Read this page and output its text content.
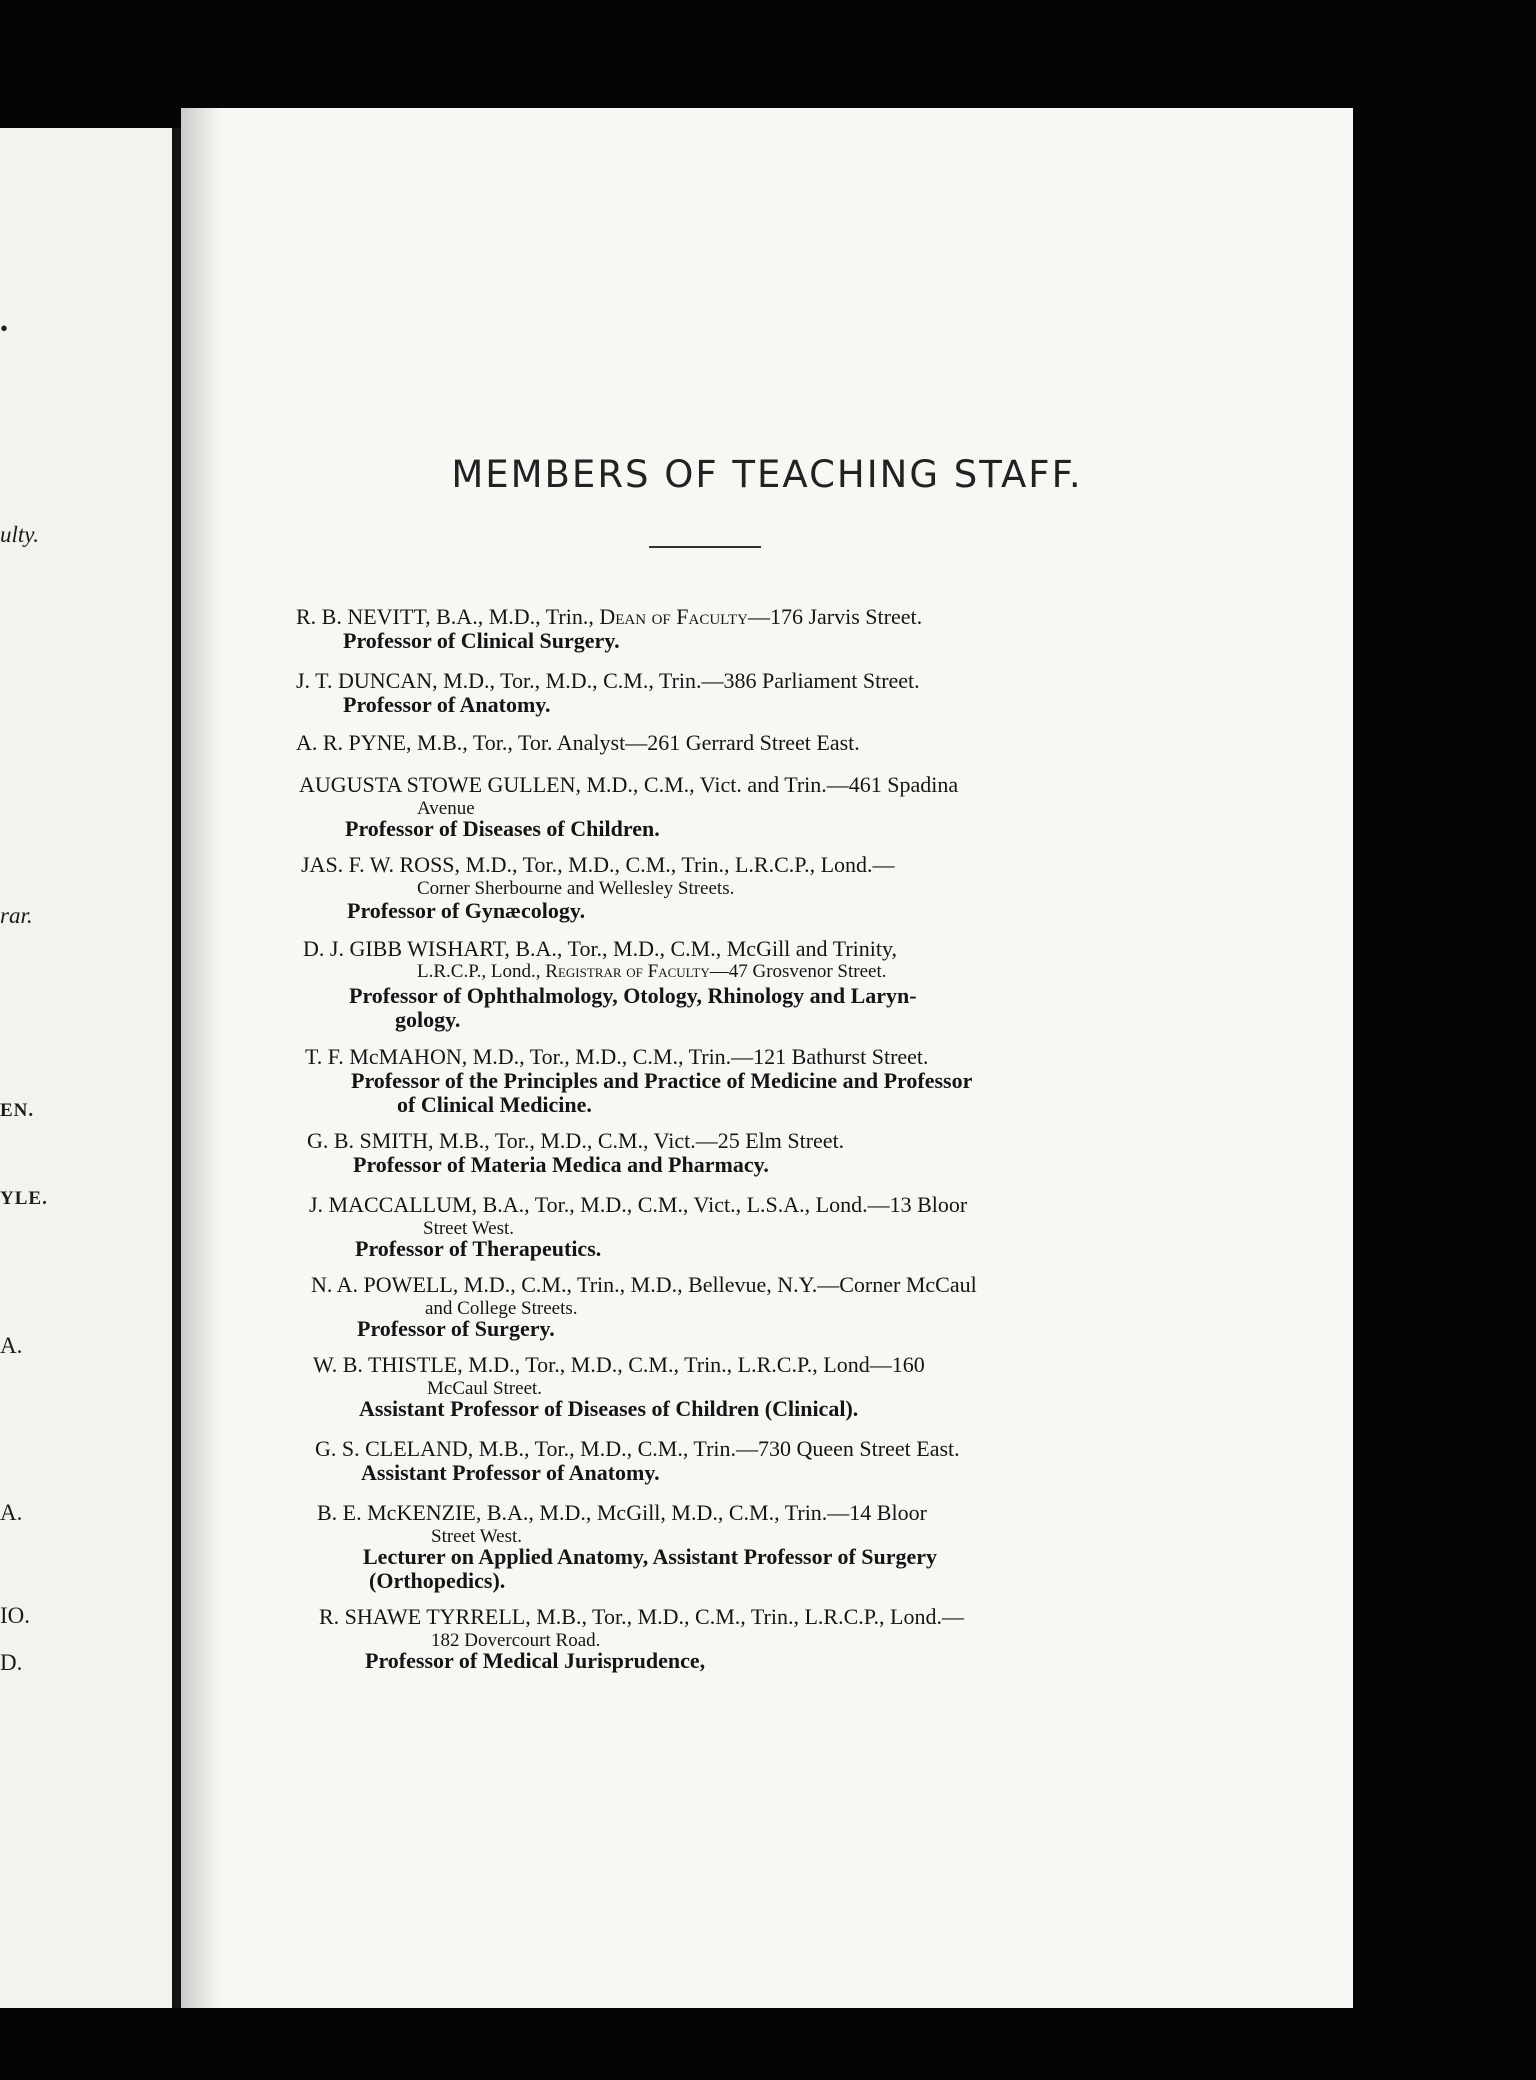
•
ulty.
rar.
EN.
YLE.
A.
A.
IO.
D.
MEMBERS OF TEACHING STAFF.
R. B. NEVITT, B.A., M.D., Trin., Dean of Faculty—176 Jarvis Street.
Professor of Clinical Surgery.
J. T. DUNCAN, M.D., Tor., M.D., C.M., Trin.—386 Parliament Street.
Professor of Anatomy.
A. R. PYNE, M.B., Tor., Tor. Analyst—261 Gerrard Street East.
AUGUSTA STOWE GULLEN, M.D., C.M., Vict. and Trin.—461 Spadina
Avenue
Professor of Diseases of Children.
JAS. F. W. ROSS, M.D., Tor., M.D., C.M., Trin., L.R.C.P., Lond.—
Corner Sherbourne and Wellesley Streets.
Professor of Gynæcology.
D. J. GIBB WISHART, B.A., Tor., M.D., C.M., McGill and Trinity,
L.R.C.P., Lond., Registrar of Faculty—47 Grosvenor Street.
Professor of Ophthalmology, Otology, Rhinology and Laryn-
gology.
T. F. McMAHON, M.D., Tor., M.D., C.M., Trin.—121 Bathurst Street.
Professor of the Principles and Practice of Medicine and Professor
of Clinical Medicine.
G. B. SMITH, M.B., Tor., M.D., C.M., Vict.—25 Elm Street.
Professor of Materia Medica and Pharmacy.
J. MACCALLUM, B.A., Tor., M.D., C.M., Vict., L.S.A., Lond.—13 Bloor
Street West.
Professor of Therapeutics.
N. A. POWELL, M.D., C.M., Trin., M.D., Bellevue, N.Y.—Corner McCaul
and College Streets.
Professor of Surgery.
W. B. THISTLE, M.D., Tor., M.D., C.M., Trin., L.R.C.P., Lond—160
McCaul Street.
Assistant Professor of Diseases of Children (Clinical).
G. S. CLELAND, M.B., Tor., M.D., C.M., Trin.—730 Queen Street East.
Assistant Professor of Anatomy.
B. E. McKENZIE, B.A., M.D., McGill, M.D., C.M., Trin.—14 Bloor
Street West.
Lecturer on Applied Anatomy, Assistant Professor of Surgery
(Orthopedics).
R. SHAWE TYRRELL, M.B., Tor., M.D., C.M., Trin., L.R.C.P., Lond.—
182 Dovercourt Road.
Professor of Medical Jurisprudence,
